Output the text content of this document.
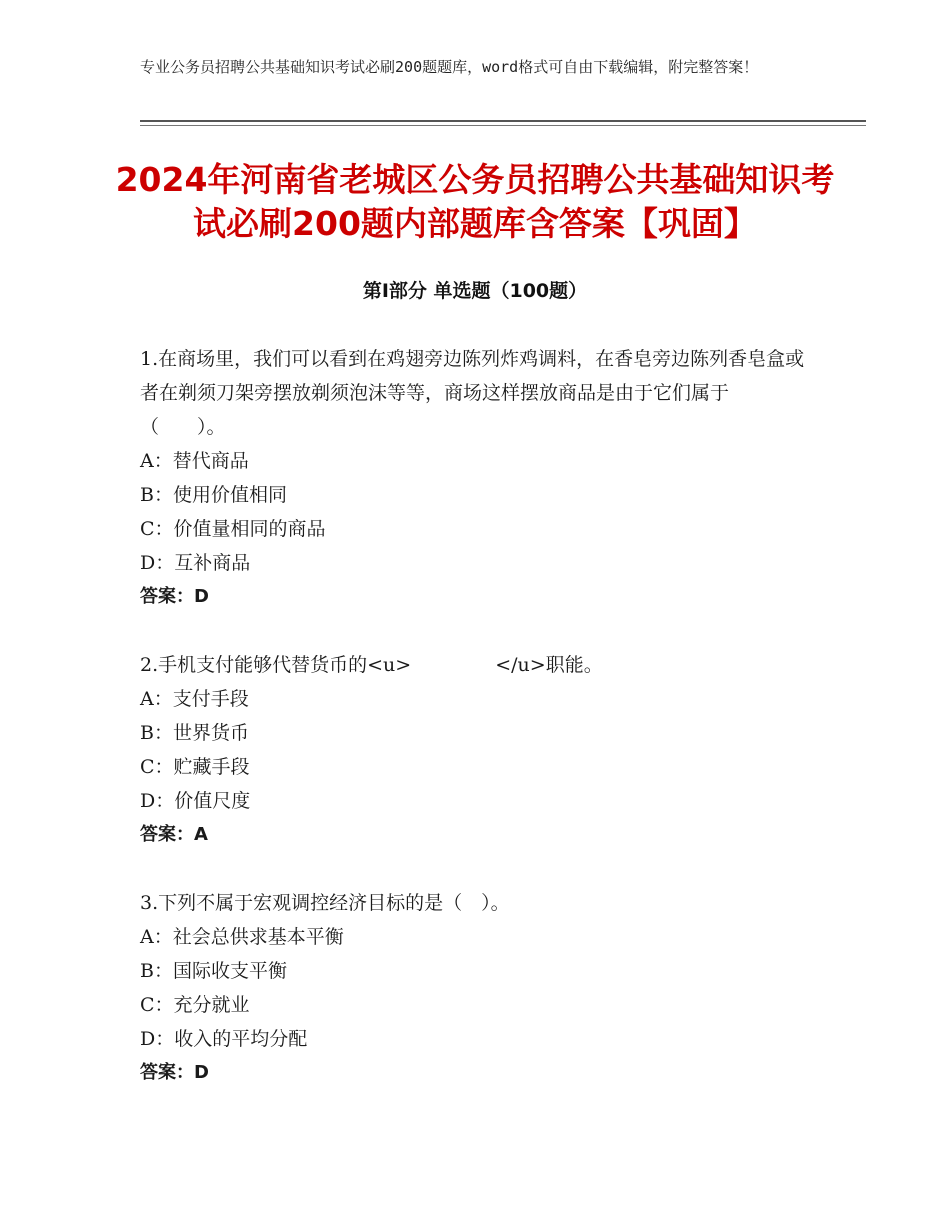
专业公务员招聘公共基础知识考试必刷200题题库，word格式可自由下载编辑，附完整答案！
2024年河南省老城区公务员招聘公共基础知识考试必刷200题内部题库含答案【巩固】
第Ⅰ部分 单选题（100题）

1.在商场里，我们可以看到在鸡翅旁边陈列炸鸡调料，在香皂旁边陈列香皂盒或者在剃须刀架旁摆放剃须泡沫等等，商场这样摆放商品是由于它们属于（　　）。

A：替代商品

B：使用价值相同

C：价值量相同的商品

D：互补商品

答案：D

2.手机支付能够代替货币的<u>	</u>职能。

A：支付手段

B：世界货币

C：贮藏手段

D：价值尺度

答案：A

3.下列不属于宏观调控经济目标的是（　）。

A：社会总供求基本平衡

B：国际收支平衡

C：充分就业

D：收入的平均分配

答案：D
